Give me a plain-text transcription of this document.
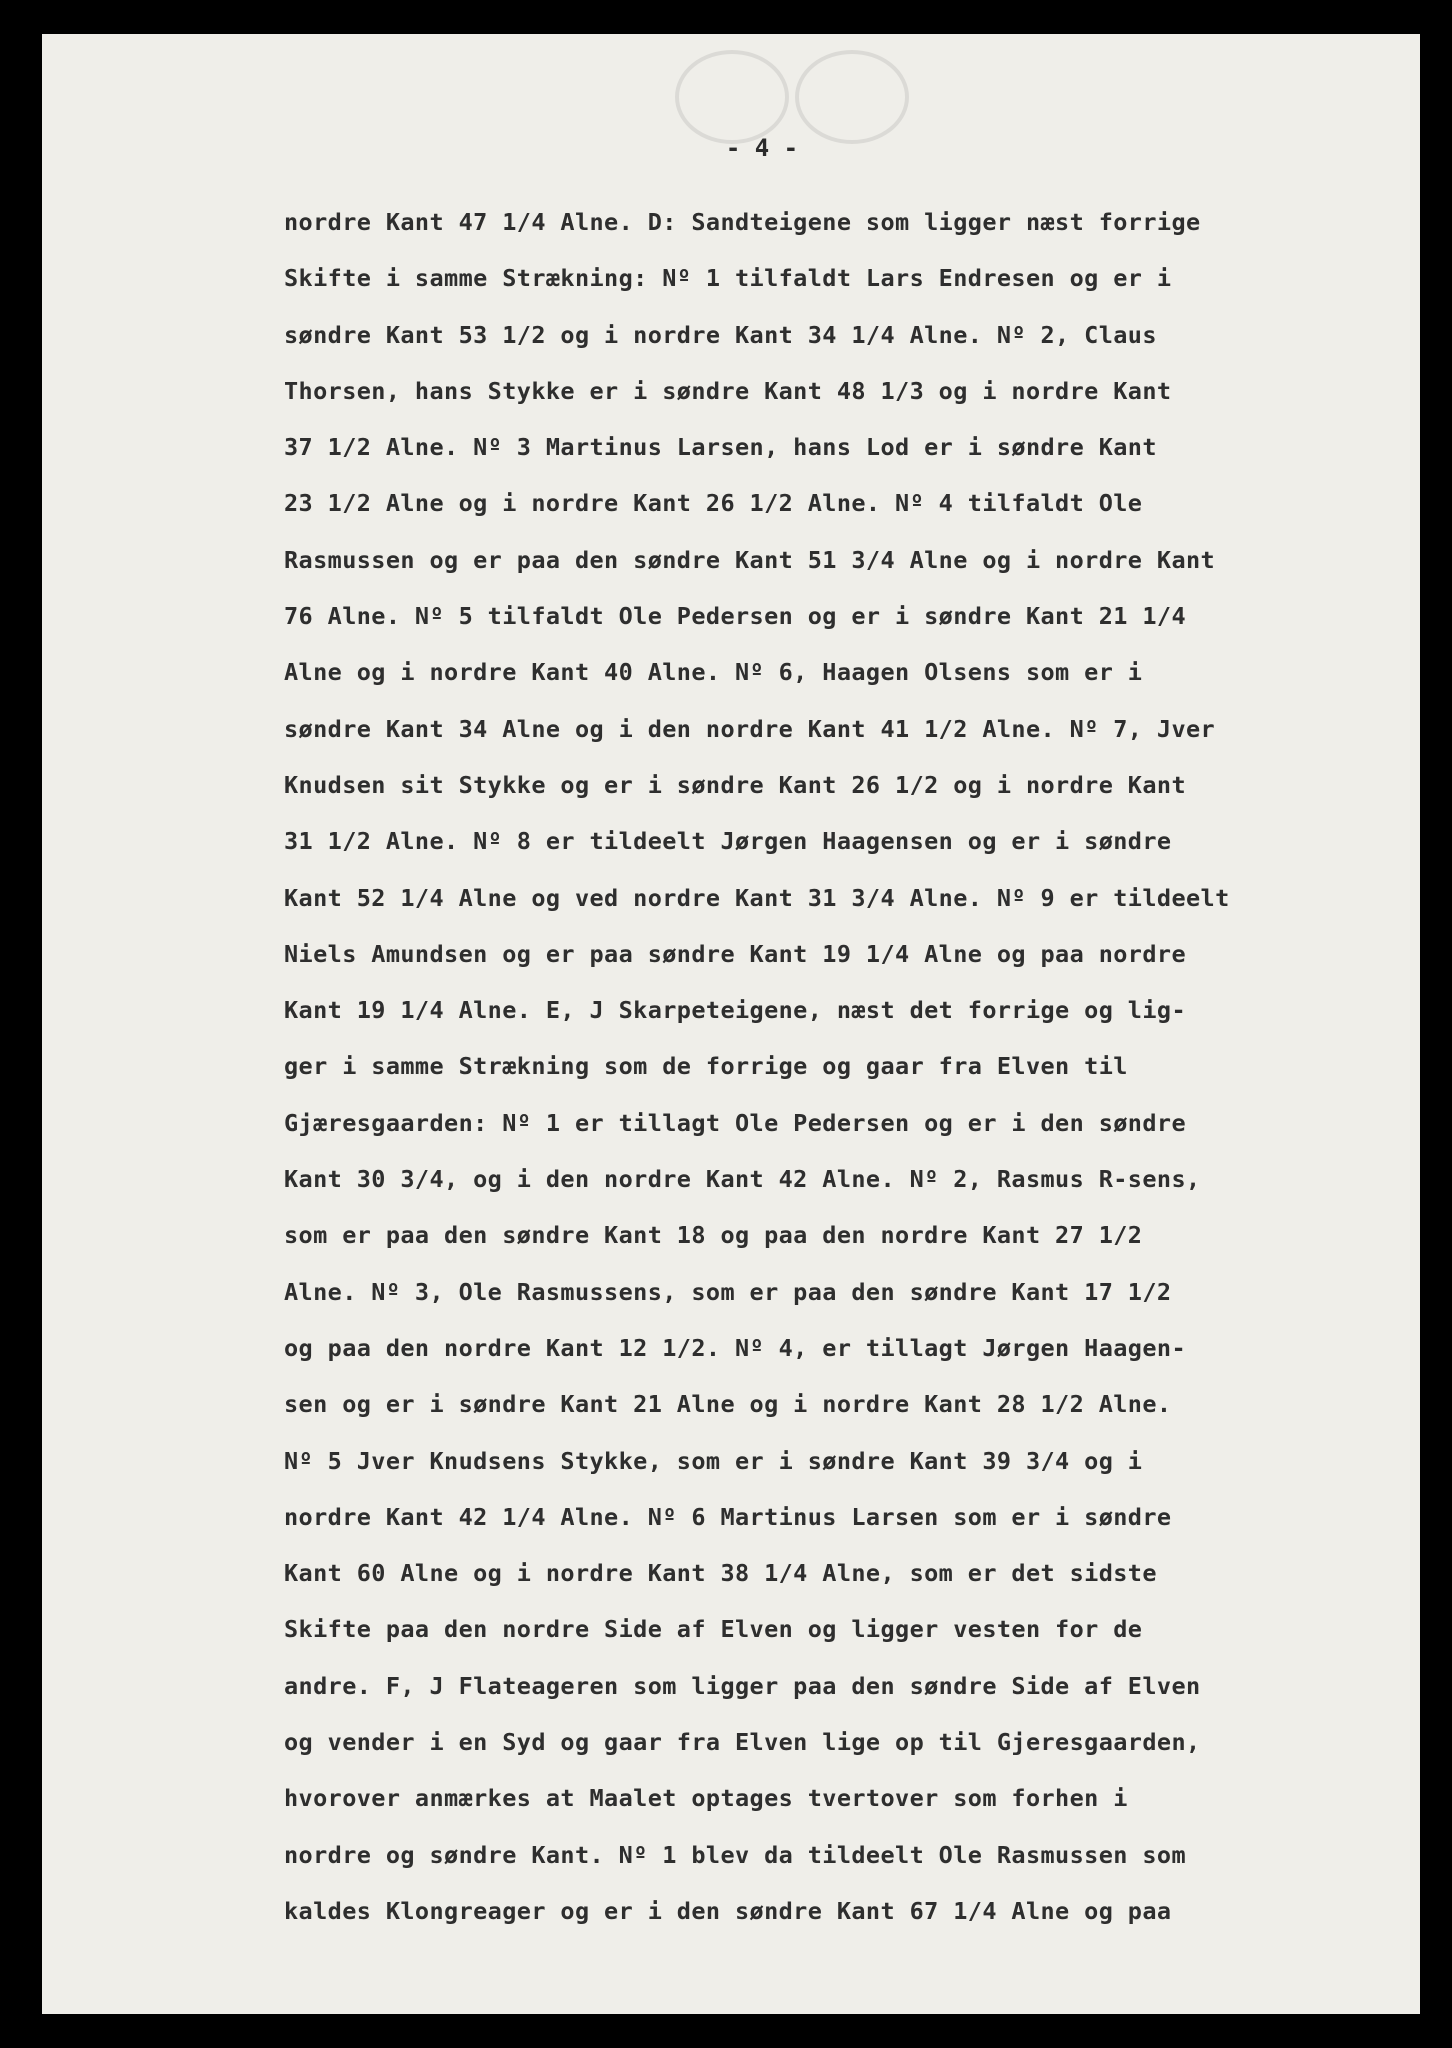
- 4 -
nordre Kant 47 1/4 Alne. D: Sandteigene som ligger næst forrige
Skifte i samme Strækning: Nº 1 tilfaldt Lars Endresen og er i
søndre Kant 53 1/2 og i nordre Kant 34 1/4 Alne. Nº 2, Claus
Thorsen, hans Stykke er i søndre Kant 48 1/3 og i nordre Kant
37 1/2 Alne. Nº 3 Martinus Larsen, hans Lod er i søndre Kant
23 1/2 Alne og i nordre Kant 26 1/2 Alne. Nº 4 tilfaldt Ole
Rasmussen og er paa den søndre Kant 51 3/4 Alne og i nordre Kant
76 Alne. Nº 5 tilfaldt Ole Pedersen og er i søndre Kant 21 1/4
Alne og i nordre Kant 40 Alne. Nº 6, Haagen Olsens som er i
søndre Kant 34 Alne og i den nordre Kant 41 1/2 Alne. Nº 7, Jver
Knudsen sit Stykke og er i søndre Kant 26 1/2 og i nordre Kant
31 1/2 Alne. Nº 8 er tildeelt Jørgen Haagensen og er i søndre
Kant 52 1/4 Alne og ved nordre Kant 31 3/4 Alne. Nº 9 er tildeelt
Niels Amundsen og er paa søndre Kant 19 1/4 Alne og paa nordre
Kant 19 1/4 Alne. E, J Skarpeteigene, næst det forrige og lig-
ger i samme Strækning som de forrige og gaar fra Elven til
Gjæresgaarden: Nº 1 er tillagt Ole Pedersen og er i den søndre
Kant 30 3/4, og i den nordre Kant 42 Alne. Nº 2, Rasmus R-sens,
som er paa den søndre Kant 18 og paa den nordre Kant 27 1/2
Alne. Nº 3, Ole Rasmussens, som er paa den søndre Kant 17 1/2
og paa den nordre Kant 12 1/2. Nº 4, er tillagt Jørgen Haagen-
sen og er i søndre Kant 21 Alne og i nordre Kant 28 1/2 Alne.
Nº 5 Jver Knudsens Stykke, som er i søndre Kant 39 3/4 og i
nordre Kant 42 1/4 Alne. Nº 6 Martinus Larsen som er i søndre
Kant 60 Alne og i nordre Kant 38 1/4 Alne, som er det sidste
Skifte paa den nordre Side af Elven og ligger vesten for de
andre. F, J Flateageren som ligger paa den søndre Side af Elven
og vender i en Syd og gaar fra Elven lige op til Gjeresgaarden,
hvorover anmærkes at Maalet optages tvertover som forhen i
nordre og søndre Kant. Nº 1 blev da tildeelt Ole Rasmussen som
kaldes Klongreager og er i den søndre Kant 67 1/4 Alne og paa
